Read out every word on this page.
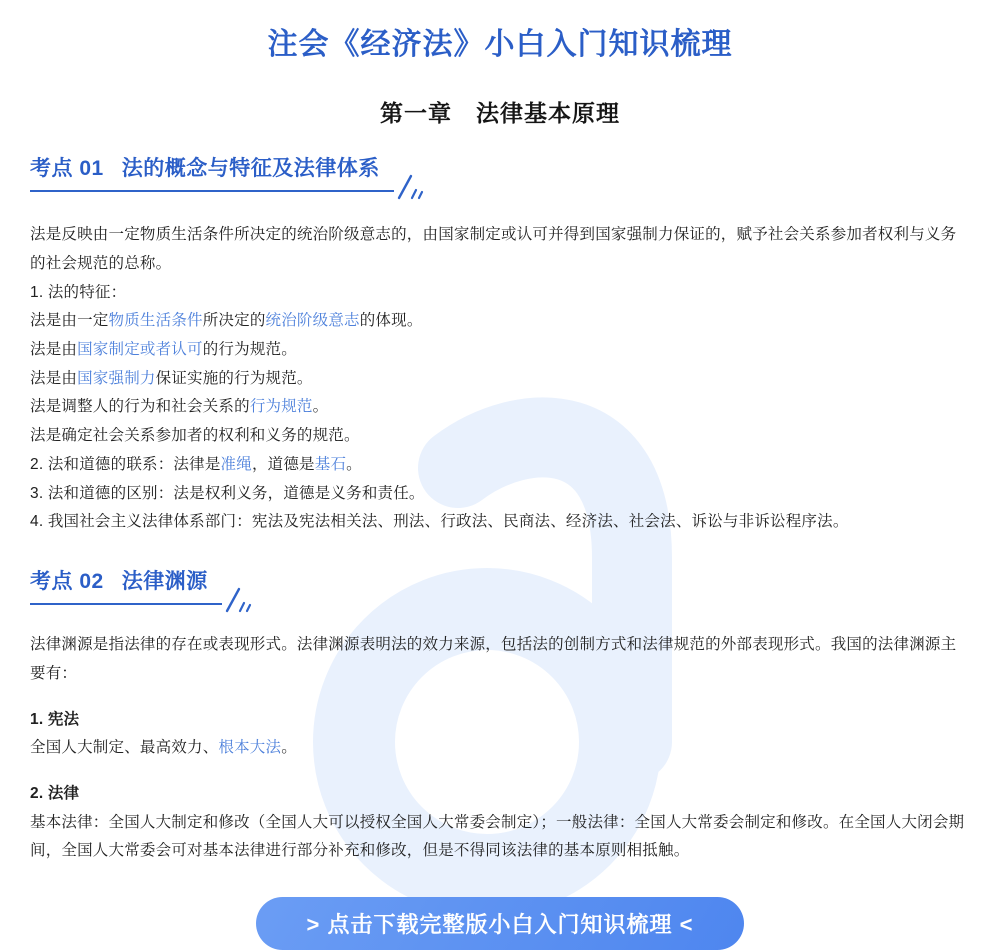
注会《经济法》小白入门知识梳理
第一章　法律基本原理
考点 01 法的概念与特征及法律体系

法是反映由一定物质生活条件所决定的统治阶级意志的，由国家制定或认可并得到国家强制力保证的，赋予社会关系参加者权利与义务的社会规范的总称。

1. 法的特征：

法是由一定物质生活条件所决定的统治阶级意志的体现。

法是由国家制定或者认可的行为规范。

法是由国家强制力保证实施的行为规范。

法是调整人的行为和社会关系的行为规范。

法是确定社会关系参加者的权利和义务的规范。

2. 法和道德的联系：法律是准绳，道德是基石。

3. 法和道德的区别：法是权利义务，道德是义务和责任。

4. 我国社会主义法律体系部门：宪法及宪法相关法、刑法、行政法、民商法、经济法、社会法、诉讼与非诉讼程序法。

考点 02 法律渊源

法律渊源是指法律的存在或表现形式。法律渊源表明法的效力来源，包括法的创制方式和法律规范的外部表现形式。我国的法律渊源主要有：

1. 宪法

全国人大制定、最高效力、根本大法。

2. 法律

基本法律：全国人大制定和修改（全国人大可以授权全国人大常委会制定）；一般法律：全国人大常委会制定和修改。在全国人大闭会期间，全国人大常委会可对基本法律进行部分补充和修改，但是不得同该法律的基本原则相抵触。

> 点击下载完整版小白入门知识梳理 <
